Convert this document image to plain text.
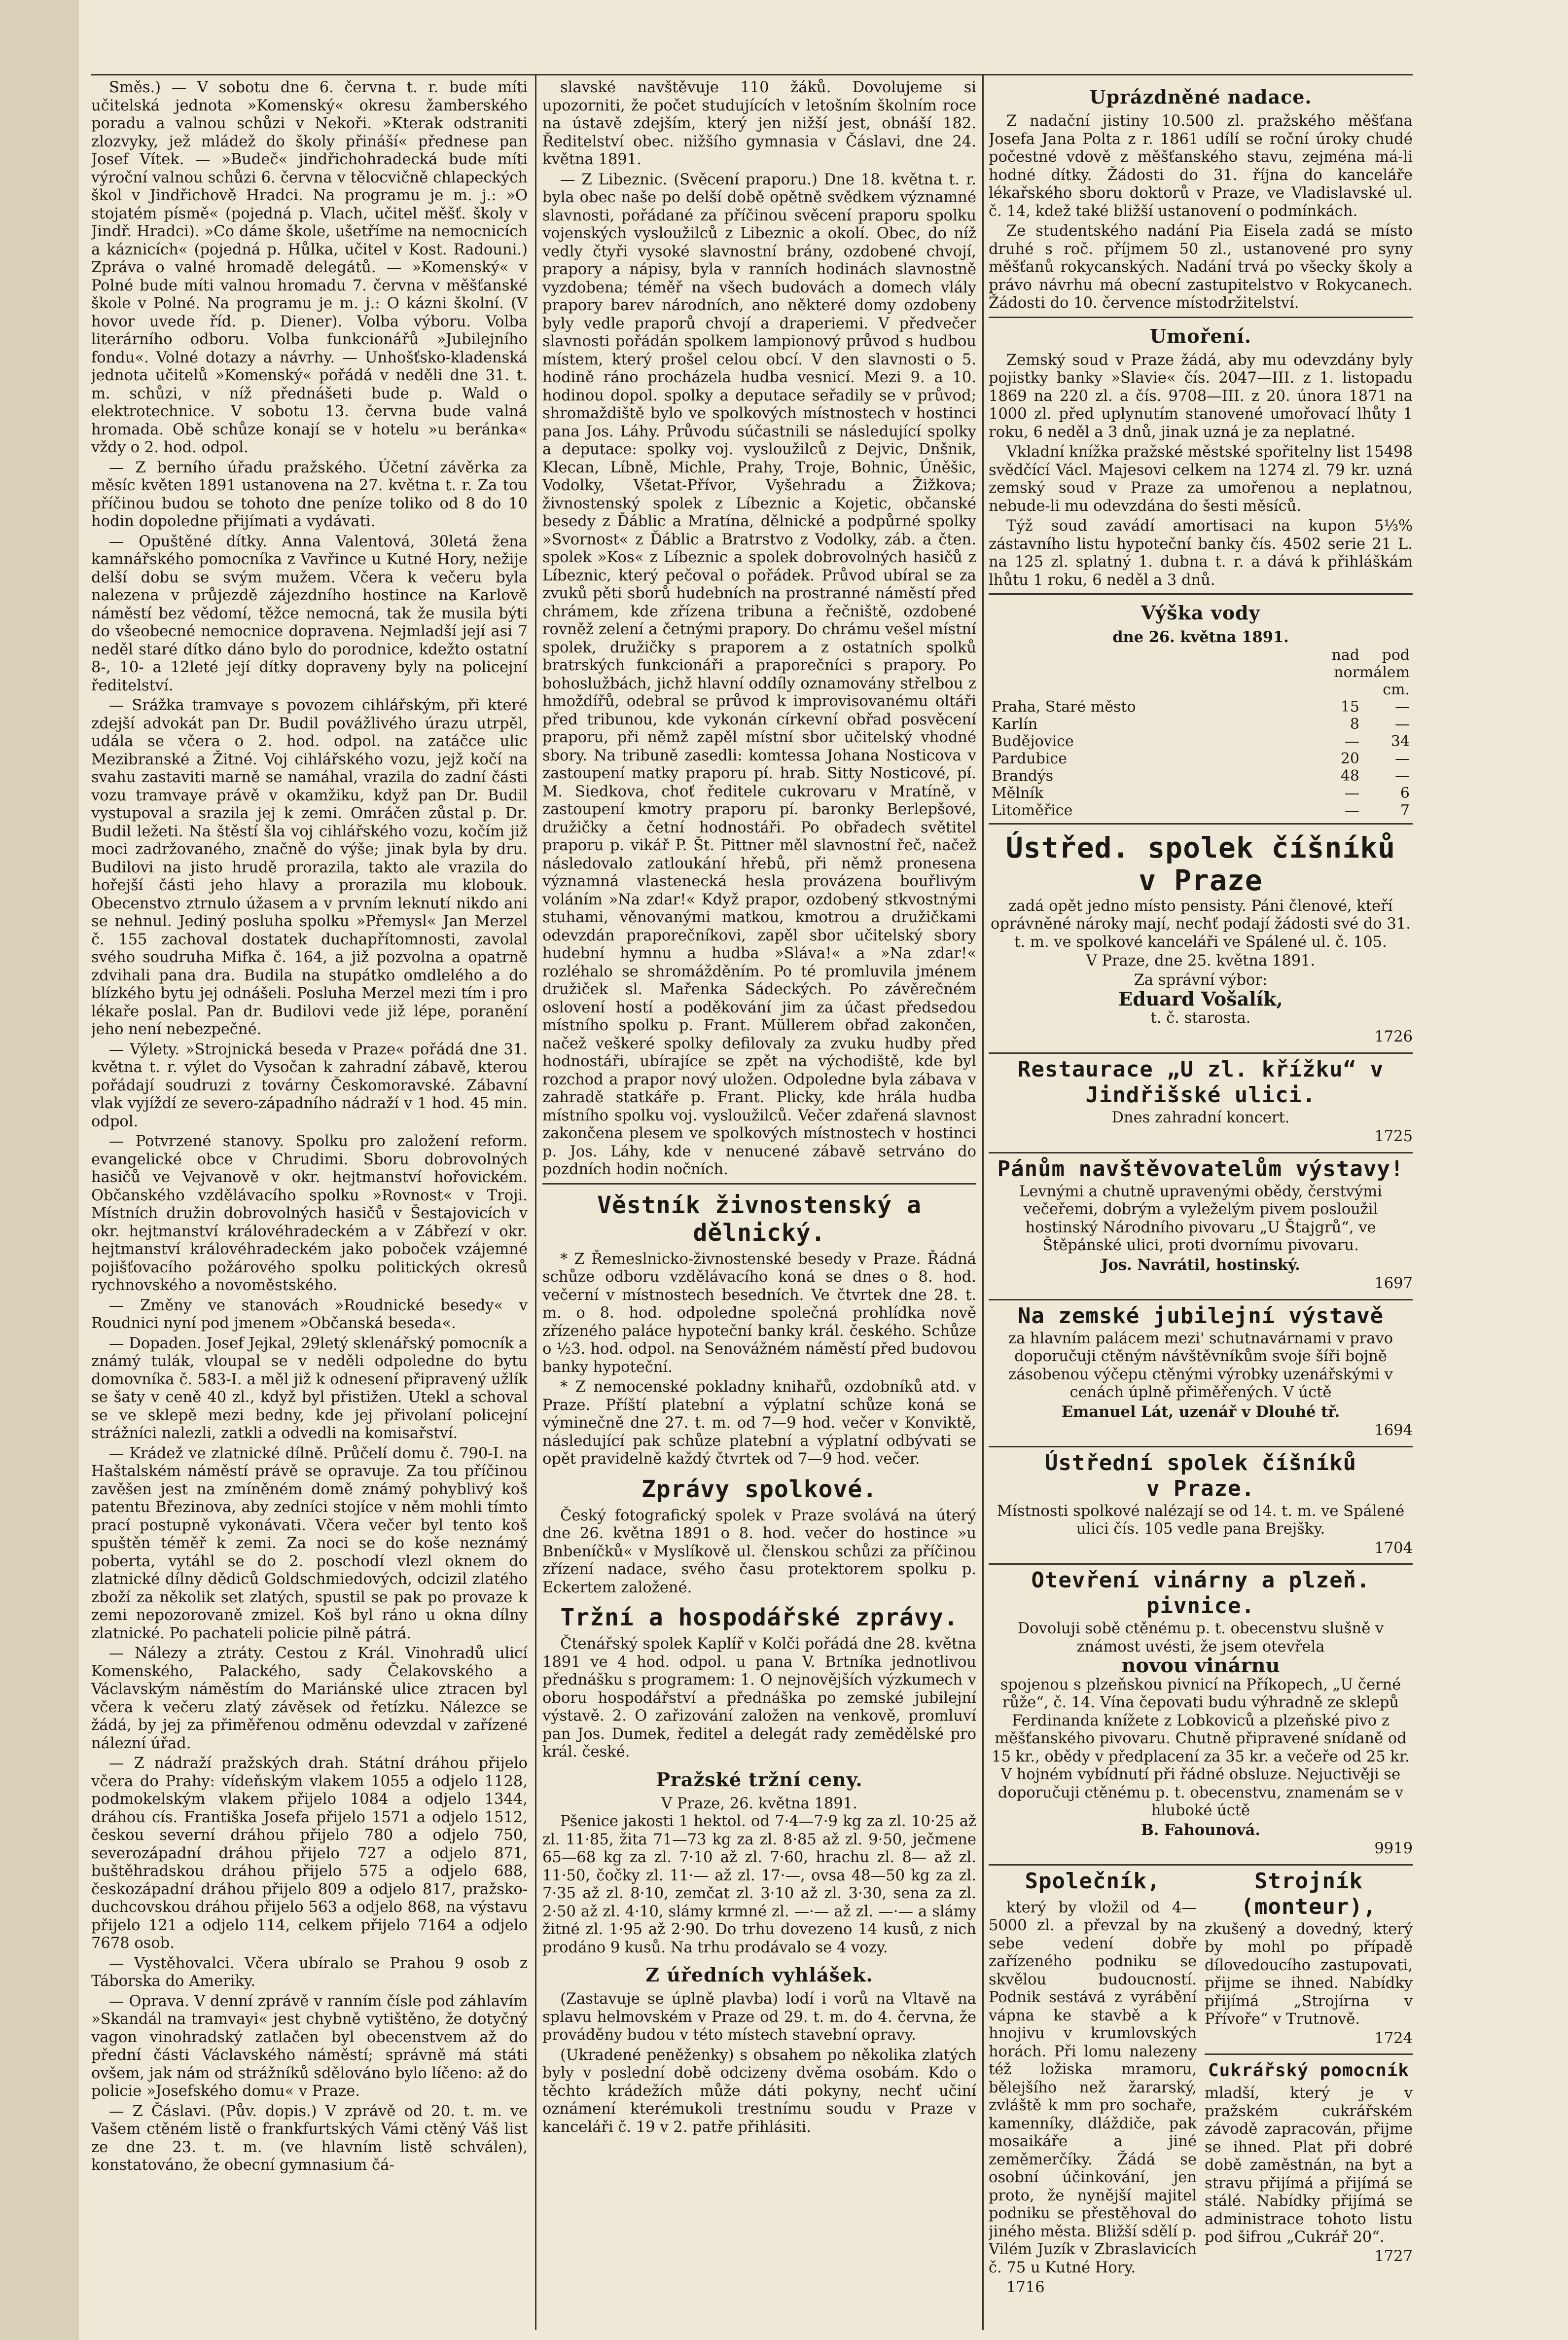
Směs.) — V sobotu dne 6. června t. r. bude míti učitelská jednota »Komenský« okresu žamberského poradu a valnou schůzi v Nekoři. »Kterak odstraniti zlozvyky, jež mládež do školy přináší« přednese pan Josef Vítek. — »Budeč« jindřichohradecká bude míti výroční valnou schůzi 6. června v tělocvičně chlapeckých škol v Jindřichově Hradci. Na programu je m. j.: »O stojatém písmě« (pojedná p. Vlach, učitel měšť. školy v Jindř. Hradci). »Co dáme škole, ušetříme na nemocnicích a káznicích« (pojedná p. Hůlka, učitel v Kost. Radouni.) Zpráva o valné hromadě delegátů. — »Komenský« v Polné bude míti valnou hromadu 7. června v měšťanské škole v Polné. Na programu je m. j.: O kázni školní. (V hovor uvede říd. p. Diener). Volba výboru. Volba literárního odboru. Volba funkcionářů »Jubilejního fondu«. Volné dotazy a návrhy. — Unhošťsko-kladenská jednota učitelů »Komenský« pořádá v neděli dne 31. t. m. schůzi, v níž přednášeti bude p. Wald o elektrotechnice. V sobotu 13. června bude valná hromada. Obě schůze konají se v hotelu »u beránka« vždy o 2. hod. odpol.

— Z berního úřadu pražského. Účetní závěrka za měsíc květen 1891 ustanovena na 27. května t. r. Za tou příčinou budou se tohoto dne peníze toliko od 8 do 10 hodin dopoledne přijímati a vydávati.

— Opuštěné dítky. Anna Valentová, 30letá žena kamnářského pomocníka z Vavřince u Kutné Hory, nežije delší dobu se svým mužem. Včera k večeru byla nalezena v průjezdě zájezdního hostince na Karlově náměstí bez vědomí, těžce nemocná, tak že musila býti do všeobecné nemocnice dopravena. Nejmladší její asi 7 neděl staré dítko dáno bylo do porodnice, kdežto ostatní 8-, 10- a 12leté její dítky dopraveny byly na policejní ředitelství.

— Srážka tramvaye s povozem cihlářským, při které zdejší advokát pan Dr. Budil povážlivého úrazu utrpěl, udála se včera o 2. hod. odpol. na zatáčce ulic Mezibranské a Žitné. Voj cihlářského vozu, jejž kočí na svahu zastaviti marně se namáhal, vrazila do zadní části vozu tramvaye právě v okamžiku, když pan Dr. Budil vystupoval a srazila jej k zemi. Omráčen zůstal p. Dr. Budil ležeti. Na štěstí šla voj cihlářského vozu, kočím již moci zadržovaného, značně do výše; jinak byla by dru. Budilovi na jisto hrudě prorazila, takto ale vrazila do hořejší části jeho hlavy a prorazila mu klobouk. Obecenstvo ztrnulo úžasem a v prvním leknutí nikdo ani se nehnul. Jediný posluha spolku »Přemysl« Jan Merzel č. 155 zachoval dostatek duchapřítomnosti, zavolal svého soudruha Mifka č. 164, a již pozvolna a opatrně zdvihali pana dra. Budila na stupátko omdlelého a do blízkého bytu jej odnášeli. Posluha Merzel mezi tím i pro lékaře poslal. Pan dr. Budilovi vede již lépe, poranění jeho není nebezpečné.

— Výlety. »Strojnická beseda v Praze« pořádá dne 31. května t. r. výlet do Vysočan k zahradní zábavě, kterou pořádají soudruzi z továrny Českomoravské. Zábavní vlak vyjíždí ze severo-západního nádraží v 1 hod. 45 min. odpol.

— Potvrzené stanovy. Spolku pro založení reform. evangelické obce v Chrudimi. Sboru dobrovolných hasičů ve Vejvanově v okr. hejtmanství hořovickém. Občanského vzdělávacího spolku »Rovnost« v Troji. Místních družin dobrovolných hasičů v Šestajovicích v okr. hejtmanství královéhradeckém a v Zábřezí v okr. hejtmanství královéhradeckém jako poboček vzájemné pojišťovacího požárového spolku politických okresů rychnovského a novoměstského.

— Změny ve stanovách »Roudnické besedy« v Roudnici nyní pod jmenem »Občanská beseda«.

— Dopaden. Josef Jejkal, 29letý sklenářský pomocník a známý tulák, vloupal se v neděli odpoledne do bytu domovníka č. 583-I. a měl již k odnesení připravený užlík se šaty v ceně 40 zl., když byl přistižen. Utekl a schoval se ve sklepě mezi bedny, kde jej přivolaní policejní strážníci nalezli, zatkli a odvedli na komisařství.

— Krádež ve zlatnické dílně. Průčelí domu č. 790-I. na Haštalském náměstí právě se opravuje. Za tou příčinou zavěšen jest na zmíněném domě známý pohyblivý koš patentu Březinova, aby zedníci stojíce v něm mohli tímto prací postupně vykonávati. Včera večer byl tento koš spuštěn téměř k zemi. Za noci se do koše neznámý poberta, vytáhl se do 2. poschodí vlezl oknem do zlatnické dílny dědiců Goldschmiedových, odcizil zlatého zboží za několik set zlatých, spustil se pak po provaze k zemi nepozorovaně zmizel. Koš byl ráno u okna dílny zlatnické. Po pachateli policie pilně pátrá.

— Nálezy a ztráty. Cestou z Král. Vinohradů ulicí Komenského, Palackého, sady Čelakovského a Václavským náměstím do Mariánské ulice ztracen byl včera k večeru zlatý závěsek od řetízku. Nálezce se žádá, by jej za přiměřenou odměnu odevzdal v zařízené nálezní úřad.

— Z nádraží pražských drah. Státní dráhou přijelo včera do Prahy: vídeňským vlakem 1055 a odjelo 1128, podmokelským vlakem přijelo 1084 a odjelo 1344, dráhou cís. Františka Josefa přijelo 1571 a odjelo 1512, českou severní dráhou přijelo 780 a odjelo 750, severozápadní dráhou přijelo 727 a odjelo 871, buštěhradskou dráhou přijelo 575 a odjelo 688, českozápadní dráhou přijelo 809 a odjelo 817, pražsko-duchcovskou dráhou přijelo 563 a odjelo 868, na výstavu přijelo 121 a odjelo 114, celkem přijelo 7164 a odjelo 7678 osob.

— Vystěhovalci. Včera ubíralo se Prahou 9 osob z Táborska do Ameriky.

— Oprava. V denní zprávě v ranním čísle pod záhlavím »Skandál na tramvayi« jest chybně vytištěno, že dotyčný vagon vinohradský zatlačen byl obecenstvem až do přední části Václavského náměstí; správně má státi ovšem, jak nám od strážníků sdělováno bylo líčeno: až do policie »Josefského domu« v Praze.

— Z Čáslavi. (Pův. dopis.) V zprávě od 20. t. m. ve Vašem ctěném listě o frankfurtských Vámi ctěný Váš list ze dne 23. t. m. (ve hlavním listě schválen), konstatováno, že obecní gymnasium čá-

slavské navštěvuje 110 žáků. Dovolujeme si upozorniti, že počet studujících v letošním školním roce na ústavě zdejším, který jen nižší jest, obnáší 182. Ředitelství obec. nižšího gymnasia v Čáslavi, dne 24. května 1891.

— Z Libeznic. (Svěcení praporu.) Dne 18. května t. r. byla obec naše po delší době opětně svědkem významné slavnosti, pořádané za příčinou svěcení praporu spolku vojenských vysloužilců z Libeznic a okolí. Obec, do níž vedly čtyři vysoké slavnostní brány, ozdobené chvojí, prapory a nápisy, byla v ranních hodinách slavnostně vyzdobena; téměř na všech budovách a domech vlály prapory barev národních, ano některé domy ozdobeny byly vedle praporů chvojí a draperiemi. V předvečer slavnosti pořádán spolkem lampionový průvod s hudbou místem, který prošel celou obcí. V den slavnosti o 5. hodině ráno procházela hudba vesnicí. Mezi 9. a 10. hodinou dopol. spolky a deputace seřadily se v průvod; shromaždiště bylo ve spolkových místnostech v hostinci pana Jos. Láhy. Průvodu súčastnili se následující spolky a deputace: spolky voj. vysloužilců z Dejvic, Dnšnik, Klecan, Líbně, Michle, Prahy, Troje, Bohnic, Úněšic, Vodolky, Všetat-Přívor, Vyšehradu a Žižkova; živnostenský spolek z Líbeznic a Kojetic, občanské besedy z Ďáblic a Mratína, dělnické a podpůrné spolky »Svornost« z Ďáblic a Bratrstvo z Vodolky, záb. a čten. spolek »Kos« z Líbeznic a spolek dobrovolných hasičů z Líbeznic, který pečoval o pořádek. Průvod ubíral se za zvuků pěti sborů hudebních na prostranné náměstí před chrámem, kde zřízena tribuna a řečniště, ozdobené rovněž zelení a četnými prapory. Do chrámu vešel místní spolek, družičky s praporem a z ostatních spolků bratrských funkcionáři a praporečníci s prapory. Po bohoslužbách, jichž hlavní oddíly oznamovány střelbou z hmoždířů, odebral se průvod k improvisovanému oltáři před tribunou, kde vykonán církevní obřad posvěcení praporu, při němž zapěl místní sbor učitelský vhodné sbory. Na tribuně zasedli: komtessa Johana Nosticova v zastoupení matky praporu pí. hrab. Sitty Nosticové, pí. M. Siedkova, choť ředitele cukrovaru v Mratíně, v zastoupení kmotry praporu pí. baronky Berlepšové, družičky a četní hodnostáři. Po obřadech světitel praporu p. vikář P. Št. Pittner měl slavnostní řeč, načež následovalo zatloukání hřebů, při němž pronesena významná vlastenecká hesla provázena bouřlivým voláním »Na zdar!« Když prapor, ozdobený stkvostnými stuhami, věnovanými matkou, kmotrou a družičkami odevzdán praporečníkovi, zapěl sbor učitelský sbory hudební hymnu a hudba »Sláva!« a »Na zdar!« rozléhalo se shromážděním. Po té promluvila jménem družiček sl. Mařenka Sádeckých. Po závěrečném oslovení hostí a poděkování jim za účast předsedou místního spolku p. Frant. Müllerem obřad zakončen, načež veškeré spolky defilovaly za zvuku hudby před hodnostáři, ubírajíce se zpět na východiště, kde byl rozchod a prapor nový uložen. Odpoledne byla zábava v zahradě statkáře p. Frant. Plicky, kde hrála hudba místního spolku voj. vysloužilců. Večer zdařená slavnost zakončena plesem ve spolkových místnostech v hostinci p. Jos. Láhy, kde v nenucené zábavě setrváno do pozdních hodin nočních.

Věstník živnostenský a dělnický.

* Z Řemeslnicko-živnostenské besedy v Praze. Řádná schůze odboru vzdělávacího koná se dnes o 8. hod. večerní v místnostech besedních. Ve čtvrtek dne 28. t. m. o 8. hod. odpoledne společná prohlídka nově zřízeného paláce hypoteční banky král. českého. Schůze o ½3. hod. odpol. na Senovážném náměstí před budovou banky hypoteční.

* Z nemocenské pokladny knihařů, ozdobníků atd. v Praze. Příští platební a výplatní schůze koná se výminečně dne 27. t. m. od 7—9 hod. večer v Konviktě, následující pak schůze platební a výplatní odbývati se opět pravidelně každý čtvrtek od 7—9 hod. večer.

Zprávy spolkové.

Český fotografický spolek v Praze svolává na úterý dne 26. května 1891 o 8. hod. večer do hostince »u Bnbeníčků« v Myslíkově ul. členskou schůzi za příčinou zřízení nadace, svého času protektorem spolku p. Eckertem založené.

Tržní a hospodářské zprávy.

Čtenářský spolek Kaplíř v Kolči pořádá dne 28. května 1891 ve 4 hod. odpol. u pana V. Brtníka jednotlivou přednášku s programem: 1. O nejnovějších výzkumech v oboru hospodářství a přednáška po zemské jubilejní výstavě. 2. O zařizování založen na venkově, promluví pan Jos. Dumek, ředitel a delegát rady zemědělské pro král. české.

Pražské tržní ceny.
V Praze, 26. května 1891.

Pšenice jakosti 1 hektol. od 7·4—7·9 kg za zl. 10·25 až zl. 11·85, žita 71—73 kg za zl. 8·85 až zl. 9·50, ječmene 65—68 kg za zl. 7·10 až zl. 7·60, hrachu zl. 8— až zl. 11·50, čočky zl. 11·— až zl. 17·—, ovsa 48—50 kg za zl. 7·35 až zl. 8·10, zemčat zl. 3·10 až zl. 3·30, sena za zl. 2·50 až zl. 4·10, slámy krmné zl. —·— až zl. —·— a slámy žitné zl. 1·95 až 2·90. Do trhu dovezeno 14 kusů, z nich prodáno 9 kusů. Na trhu prodávalo se 4 vozy.

Z úředních vyhlášek.

(Zastavuje se úplně plavba) lodí i vorů na Vltavě na splavu helmovském v Praze od 29. t. m. do 4. června, že prováděny budou v této místech stavební opravy.

(Ukradené peněženky) s obsahem po několika zlatých byly v poslední době odcizeny dvěma osobám. Kdo o těchto krádežích může dáti pokyny, nechť učiní oznámení kterémukoli trestnímu soudu v Praze v kanceláři č. 19 v 2. patře přihlásiti.

Uprázdněné nadace.

Z nadační jistiny 10.500 zl. pražského měšťana Josefa Jana Polta z r. 1861 udílí se roční úroky chudé počestné vdově z měšťanského stavu, zejména má-li hodné dítky. Žádosti do 31. října do kanceláře lékařského sboru doktorů v Praze, ve Vladislavské ul. č. 14, kdež také bližší ustanovení o podmínkách.

Ze studentského nadání Pia Eisela zadá se místo druhé s roč. příjmem 50 zl., ustanovené pro syny měšťanů rokycanských. Nadání trvá po všecky školy a právo návrhu má obecní zastupitelstvo v Rokycanech. Žádosti do 10. července místodržitelství.

Umoření.

Zemský soud v Praze žádá, aby mu odevzdány byly pojistky banky »Slavie« čís. 2047—III. z 1. listopadu 1869 na 220 zl. a čís. 9708—III. z 20. února 1871 na 1000 zl. před uplynutím stanovené umořovací lhůty 1 roku, 6 neděl a 3 dnů, jinak uzná je za neplatné.

Vkladní knížka pražské městské spořitelny list 15498 svědčící Václ. Majesovi celkem na 1274 zl. 79 kr. uzná zemský soud v Praze za umořenou a neplatnou, nebude-li mu odevzdána do šesti měsíců.

Týž soud zavádí amortisaci na kupon 5⅓% zástavního listu hypoteční banky čís. 4502 serie 21 L. na 125 zl. splatný 1. dubna t. r. a dává k přihláškám lhůtu 1 roku, 6 neděl a 3 dnů.

Výška vody
dne 26. května 1891.
	nad	pod
	normálem cm.	
Praha, Staré město	15	—
Karlín	8	—
Budějovice	—	34
Pardubice	20	—
Brandýs	48	—
Mělník	—	6
Litoměřice	—	7
Ústřed. spolek číšníků v Praze

zadá opět jedno místo pensisty. Páni členové, kteří oprávněné nároky mají, nechť podají žádosti své do 31. t. m. ve spolkové kanceláři ve Spálené ul. č. 105.

V Praze, dne 25. května 1891.

Za správní výbor:

Eduard Vošalík,

t. č. starosta.

1726

Restaurace „U zl. křížku“ v Jindřišské ulici.

Dnes zahradní koncert.

1725

Pánům navštěvovatelům výstavy!

Levnými a chutně upravenými obědy, čerstvými večeřemi, dobrým a vyleželým pivem posloužil hostinský Národního pivovaru „U Štajgrů“, ve Štěpánské ulici, proti dvornímu pivovaru.

Jos. Navrátil, hostinský.

1697

Na zemské jubilejní výstavě

za hlavním palácem mezi' schutnavárnami v pravo doporučuji ctěným návštěvníkům svoje šíři bojně zásobenou výčepu ctěnými výrobky uzenářskými v cenách úplně přiměřených. V úctě

Emanuel Lát, uzenář v Dlouhé tř.

1694

Ústřední spolek číšníků
v Praze.

Místnosti spolkové nalézají se od 14. t. m. ve Spálené ulici čís. 105 vedle pana Brejšky.

1704

Otevření vinárny a plzeň. pivnice.

Dovoluji sobě ctěnému p. t. obecenstvu slušně v známost uvésti, že jsem otevřela

novou vinárnu

spojenou s plzeňskou pivnicí na Příkopech, „U černé růže“, č. 14. Vína čepovati budu výhradně ze sklepů Ferdinanda knížete z Lobkoviců a plzeňské pivo z měšťanského pivovaru. Chutně připravené snídaně od 15 kr., obědy v předplacení za 35 kr. a večeře od 25 kr. V hojném vybídnutí při řádné obsluze. Nejuctivěji se doporučuji ctěnému p. t. obecenstvu, znamenám se v hluboké úctě

B. Fahounová.

9919

Společník,

který by vložil od 4—5000 zl. a převzal by na sebe vedení dobře zařízeného podniku se skvělou budoucností. Podnik sestává z vyrábění vápna ke stavbě a k hnojivu v krumlovských horách. Při lomu nalezeny též ložiska mramoru, bělejšího než žararský, zvláště k mm pro sochaře, kamenníky, dláždiče, pak mosaikáře a jiné zeměmerčíky. Žádá se osobní účinkování, jen proto, že nynější majitel podniku se přestěhoval do jiného města. Bližší sdělí p. Vilém Juzík v Zbraslavicích č. 75 u Kutné Hory.

1716

Strojník
(monteur),

zkušený a dovedný, který by mohl po případě dílovedoucího zastupovati, přijme se ihned. Nabídky přijímá „Strojírna v Přívoře“ v Trutnově.

1724

Cukrářský pomocník

mladší, který je v pražském cukrářském závodě zapracován, přijme se ihned. Plat při dobré době zaměstnán, na byt a stravu přijímá a přijímá se stálé. Nabídky přijímá se administrace tohoto listu pod šifrou „Cukrář 20“.

1727
